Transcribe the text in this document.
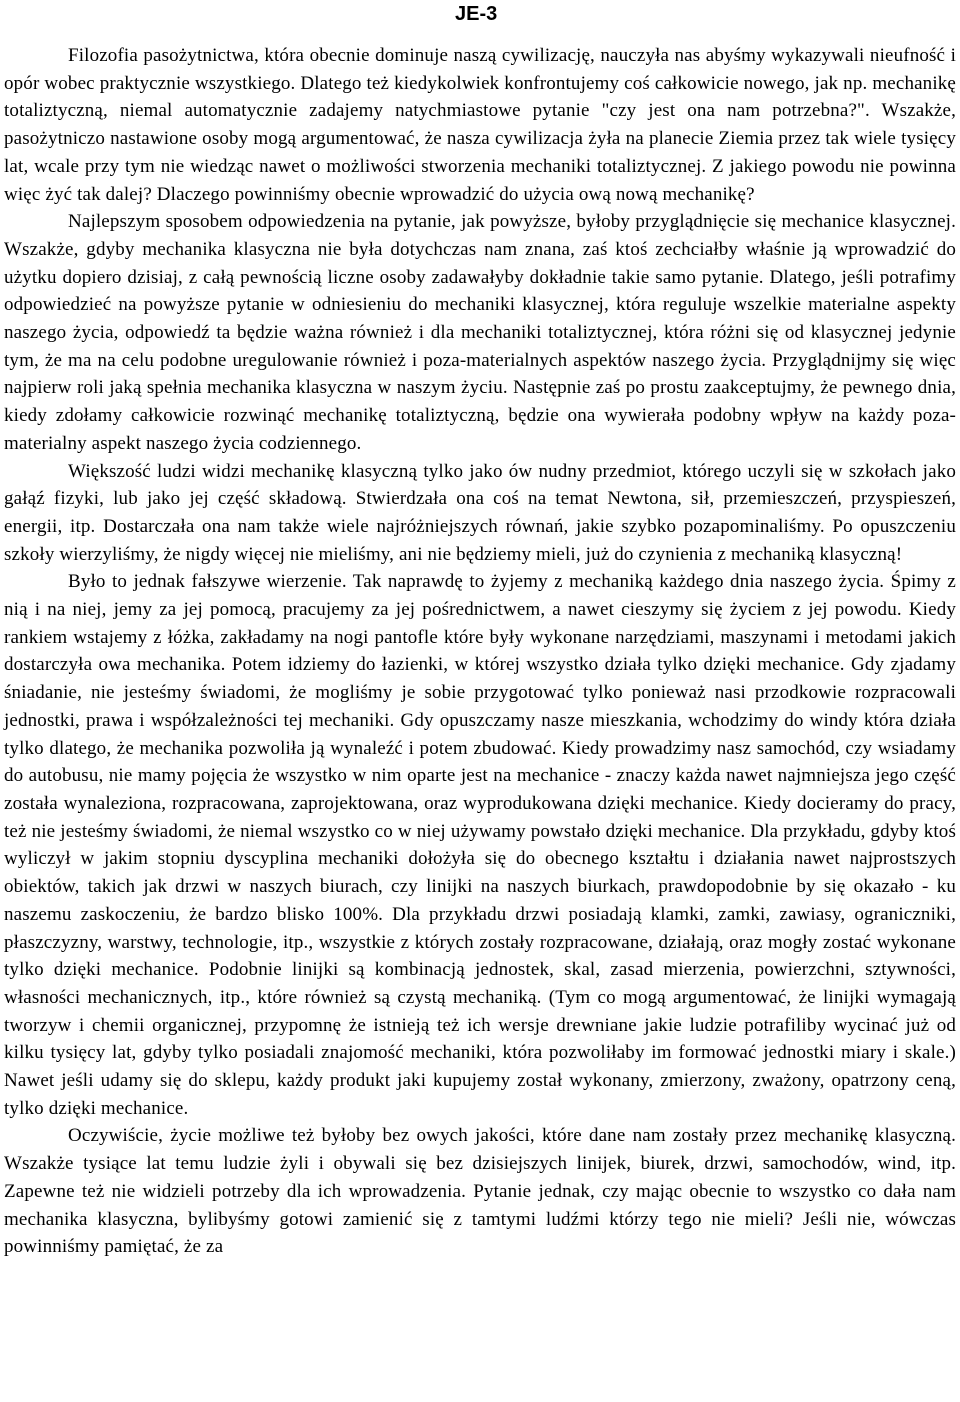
JE-3

Filozofia pasożytnictwa, która obecnie dominuje naszą cywilizację, nauczyła nas abyśmy wykazywali nieufność i opór wobec praktycznie wszystkiego. Dlatego też kiedykolwiek konfrontujemy coś całkowicie nowego, jak np. mechanikę totaliztyczną, niemal automatycznie zadajemy natychmiastowe pytanie "czy jest ona nam potrzebna?". Wszakże, pasożytniczo nastawione osoby mogą argumentować, że nasza cywilizacja żyła na planecie Ziemia przez tak wiele tysięcy lat, wcale przy tym nie wiedząc nawet o możliwości stworzenia mechaniki totaliztycznej. Z jakiego powodu nie powinna więc żyć tak dalej? Dlaczego powinniśmy obecnie wprowadzić do użycia ową nową mechanikę?

Najlepszym sposobem odpowiedzenia na pytanie, jak powyższe, byłoby przyglądnięcie się mechanice klasycznej. Wszakże, gdyby mechanika klasyczna nie była dotychczas nam znana, zaś ktoś zechciałby właśnie ją wprowadzić do użytku dopiero dzisiaj, z całą pewnością liczne osoby zadawałyby dokładnie takie samo pytanie. Dlatego, jeśli potrafimy odpowiedzieć na powyższe pytanie w odniesieniu do mechaniki klasycznej, która reguluje wszelkie materialne aspekty naszego życia, odpowiedź ta będzie ważna również i dla mechaniki totaliztycznej, która różni się od klasycznej jedynie tym, że ma na celu podobne uregulowanie również i poza-materialnych aspektów naszego życia. Przyglądnijmy się więc najpierw roli jaką spełnia mechanika klasyczna w naszym życiu. Następnie zaś po prostu zaakceptujmy, że pewnego dnia, kiedy zdołamy całkowicie rozwinąć mechanikę totaliztyczną, będzie ona wywierała podobny wpływ na każdy poza-materialny aspekt naszego życia codziennego.

Większość ludzi widzi mechanikę klasyczną tylko jako ów nudny przedmiot, którego uczyli się w szkołach jako gałąź fizyki, lub jako jej część składową. Stwierdzała ona coś na temat Newtona, sił, przemieszczeń, przyspieszeń, energii, itp. Dostarczała ona nam także wiele najróżniejszych równań, jakie szybko pozapominaliśmy. Po opuszczeniu szkoły wierzyliśmy, że nigdy więcej nie mieliśmy, ani nie będziemy mieli, już do czynienia z mechaniką klasyczną!

Było to jednak fałszywe wierzenie. Tak naprawdę to żyjemy z mechaniką każdego dnia naszego życia. Śpimy z nią i na niej, jemy za jej pomocą, pracujemy za jej pośrednictwem, a nawet cieszymy się życiem z jej powodu. Kiedy rankiem wstajemy z łóżka, zakładamy na nogi pantofle które były wykonane narzędziami, maszynami i metodami jakich dostarczyła owa mechanika. Potem idziemy do łazienki, w której wszystko działa tylko dzięki mechanice. Gdy zjadamy śniadanie, nie jesteśmy świadomi, że mogliśmy je sobie przygotować tylko ponieważ nasi przodkowie rozpracowali jednostki, prawa i współzależności tej mechaniki. Gdy opuszczamy nasze mieszkania, wchodzimy do windy która działa tylko dlatego, że mechanika pozwoliła ją wynaleźć i potem zbudować. Kiedy prowadzimy nasz samochód, czy wsiadamy do autobusu, nie mamy pojęcia że wszystko w nim oparte jest na mechanice - znaczy każda nawet najmniejsza jego część została wynaleziona, rozpracowana, zaprojektowana, oraz wyprodukowana dzięki mechanice. Kiedy docieramy do pracy, też nie jesteśmy świadomi, że niemal wszystko co w niej używamy powstało dzięki mechanice. Dla przykładu, gdyby ktoś wyliczył w jakim stopniu dyscyplina mechaniki dołożyła się do obecnego kształtu i działania nawet najprostszych obiektów, takich jak drzwi w naszych biurach, czy linijki na naszych biurkach, prawdopodobnie by się okazało - ku naszemu zaskoczeniu, że bardzo blisko 100%. Dla przykładu drzwi posiadają klamki, zamki, zawiasy, ograniczniki, płaszczyzny, warstwy, technologie, itp., wszystkie z których zostały rozpracowane, działają, oraz mogły zostać wykonane tylko dzięki mechanice. Podobnie linijki są kombinacją jednostek, skal, zasad mierzenia, powierzchni, sztywności, własności mechanicznych, itp., które również są czystą mechaniką. (Tym co mogą argumentować, że linijki wymagają tworzyw i chemii organicznej, przypomnę że istnieją też ich wersje drewniane jakie ludzie potrafiliby wycinać już od kilku tysięcy lat, gdyby tylko posiadali znajomość mechaniki, która pozwoliłaby im formować jednostki miary i skale.) Nawet jeśli udamy się do sklepu, każdy produkt jaki kupujemy został wykonany, zmierzony, zważony, opatrzony ceną, tylko dzięki mechanice.

Oczywiście, życie możliwe też byłoby bez owych jakości, które dane nam zostały przez mechanikę klasyczną. Wszakże tysiące lat temu ludzie żyli i obywali się bez dzisiejszych linijek, biurek, drzwi, samochodów, wind, itp. Zapewne też nie widzieli potrzeby dla ich wprowadzenia. Pytanie jednak, czy mając obecnie to wszystko co dała nam mechanika klasyczna, bylibyśmy gotowi zamienić się z tamtymi ludźmi którzy tego nie mieli? Jeśli nie, wówczas powinniśmy pamiętać, że za
